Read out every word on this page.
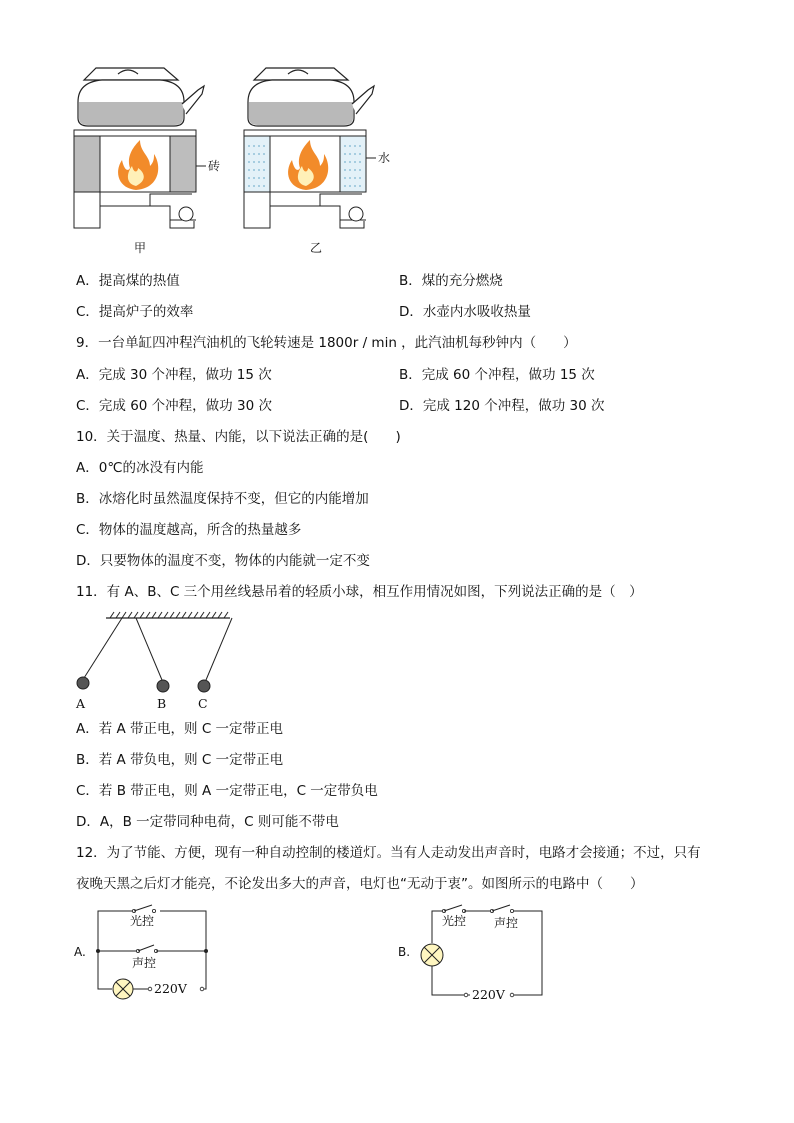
砖
甲
水
乙
A．提高煤的热值	B．煤的充分燃烧
C．提高炉子的效率	D．水壶内水吸收热量
9．一台单缸四冲程汽油机的飞轮转速是 1800r / min ，此汽油机每秒钟内（　　）
A．完成 30 个冲程，做功 15 次	B．完成 60 个冲程，做功 15 次
C．完成 60 个冲程，做功 30 次	D．完成 120 个冲程，做功 30 次
10．关于温度、热量、内能，以下说法正确的是(　　)
A．0℃的冰没有内能
B．冰熔化时虽然温度保持不变，但它的内能增加
C．物体的温度越高，所含的热量越多
D．只要物体的温度不变，物体的内能就一定不变
11．有 A、B、C 三个用丝线悬吊着的轻质小球，相互作用情况如图，下列说法正确的是（　）
A	B	C
A．若 A 带正电，则 C 一定带正电
B．若 A 带负电，则 C 一定带正电
C．若 B 带正电，则 A 一定带正电，C 一定带负电
D．A，B 一定带同种电荷，C 则可能不带电
12．为了节能、方便，现有一种自动控制的楼道灯。当有人走动发出声音时，电路才会接通；不过，只有
夜晚天黑之后灯才能亮，不论发出多大的声音，电灯也“无动于衷”。如图所示的电路中（　　）
A.
光控
声控
220V
B.
光控 声控
220V
